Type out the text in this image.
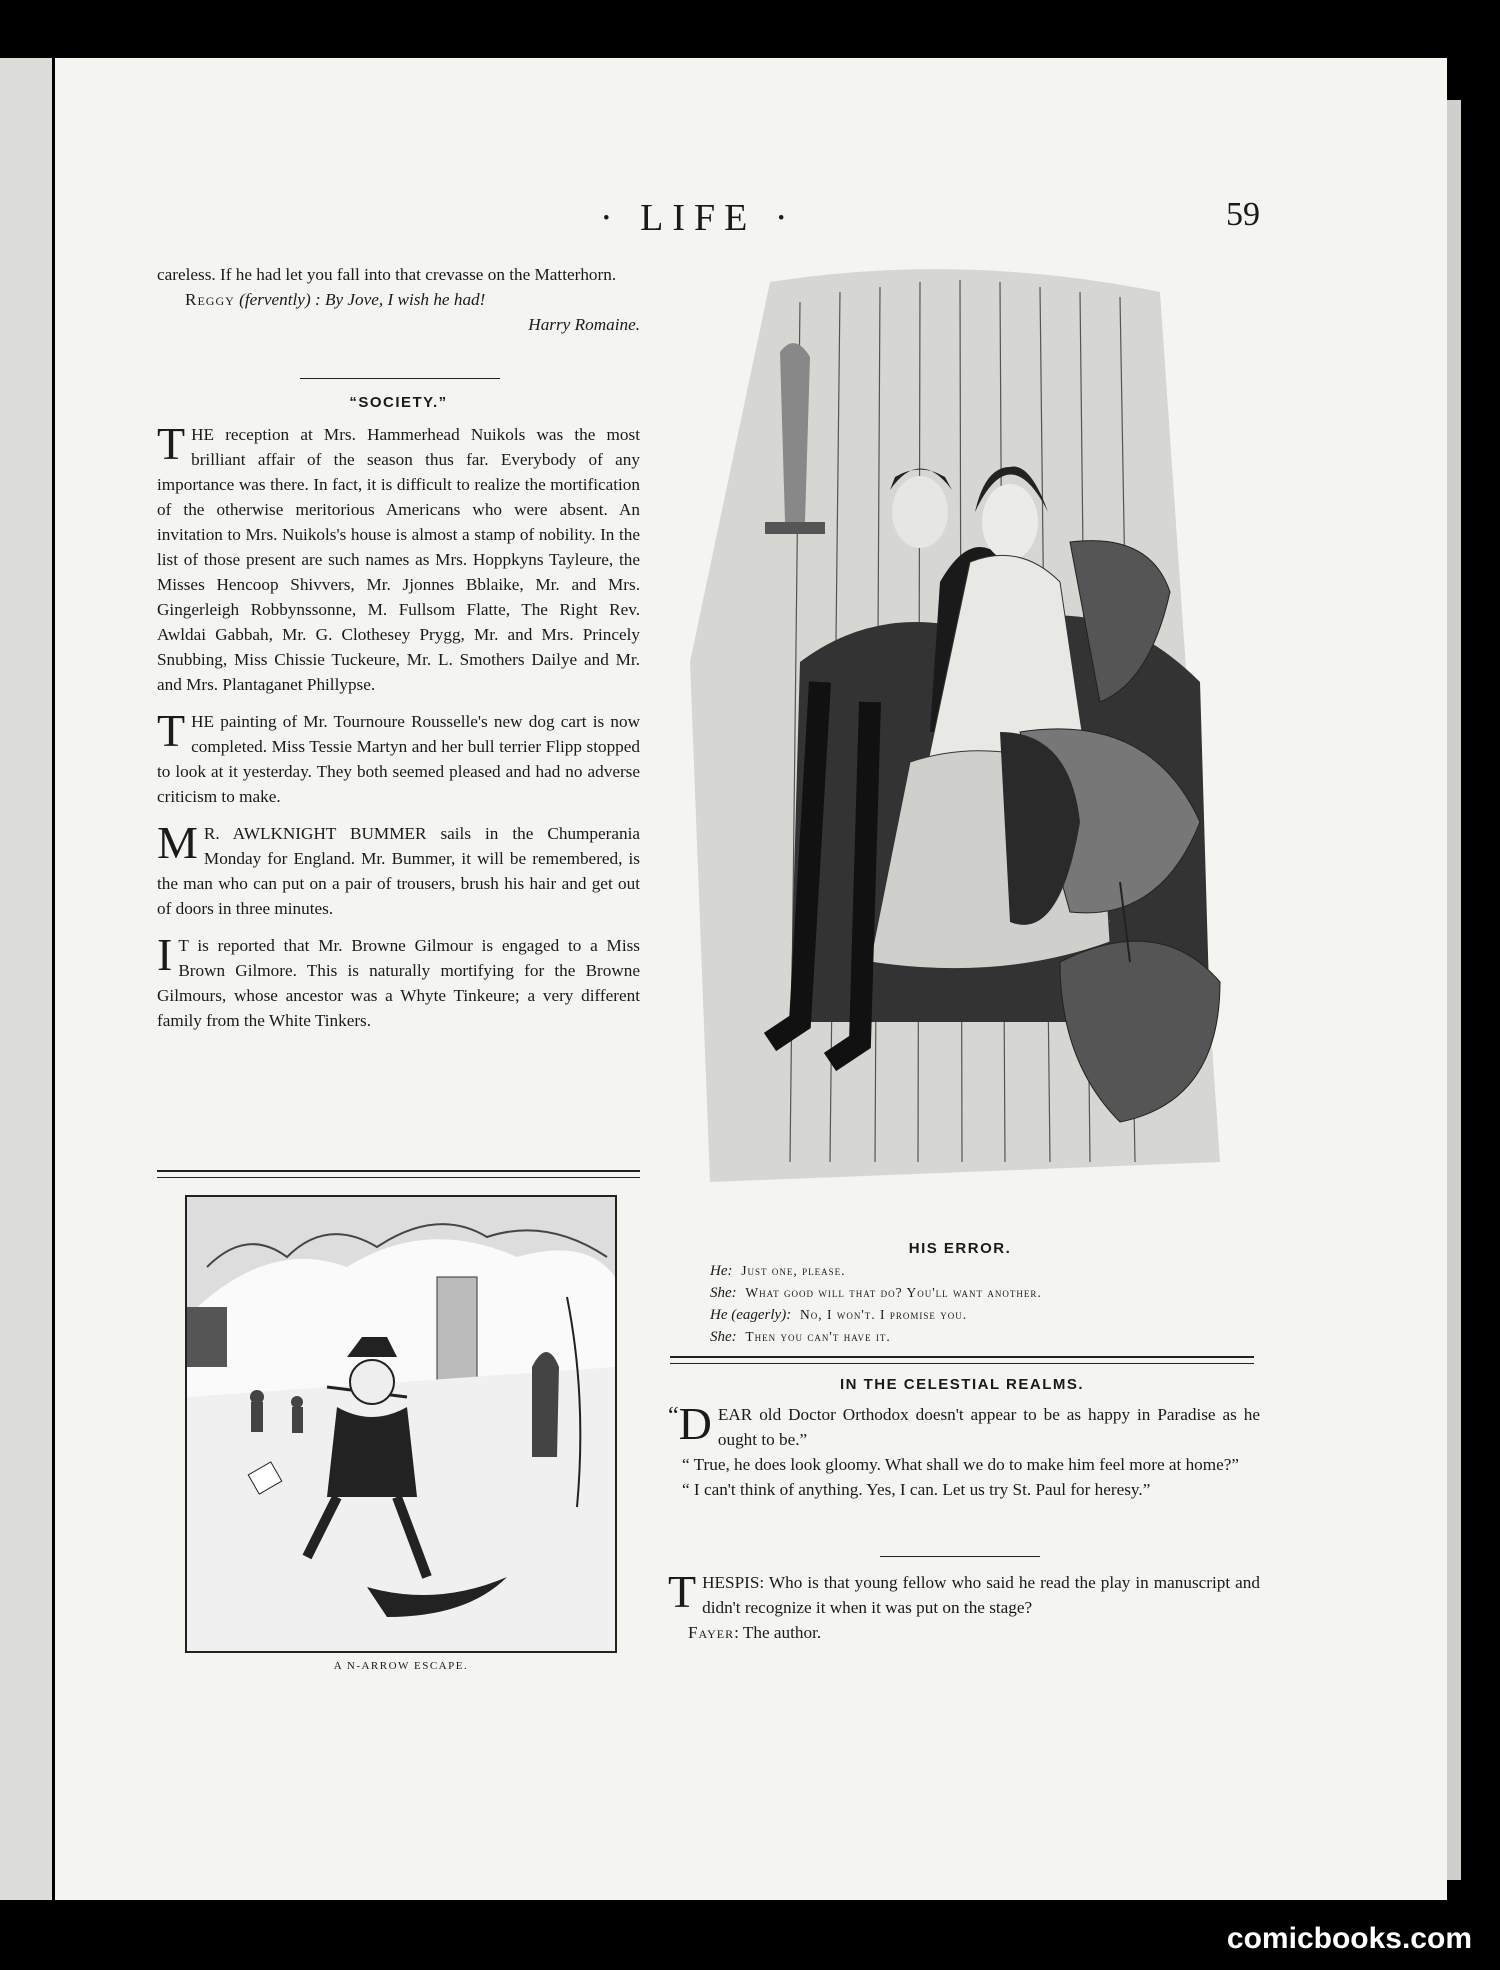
· LIFE ·	59

careless. If he had let you fall into that crevasse on the Matterhorn.

Reggy (fervently) : By Jove, I wish he had!

Harry Romaine.

“SOCIETY.”

THE reception at Mrs. Hammerhead Nuikols was the most brilliant affair of the season thus far. Everybody of any importance was there. In fact, it is difficult to realize the mortification of the otherwise meritorious Americans who were absent. An invitation to Mrs. Nuikols's house is almost a stamp of nobility. In the list of those present are such names as Mrs. Hoppkyns Tayleure, the Misses Hencoop Shivvers, Mr. Jjonnes Bblaike, Mr. and Mrs. Gingerleigh Robbynssonne, M. Fullsom Flatte, The Right Rev. Awldai Gabbah, Mr. G. Clothesey Prygg, Mr. and Mrs. Princely Snubbing, Miss Chissie Tuckeure, Mr. L. Smothers Dailye and Mr. and Mrs. Plantaganet Phillypse.

THE painting of Mr. Tournoure Rousselle's new dog cart is now completed. Miss Tessie Martyn and her bull terrier Flipp stopped to look at it yesterday. They both seemed pleased and had no adverse criticism to make.

M R. AWLKNIGHT BUMMER sails in the Chumperania Monday for England. Mr. Bummer, it will be remembered, is the man who can put on a pair of trousers, brush his hair and get out of doors in three minutes.

I T is reported that Mr. Browne Gilmour is engaged to a Miss Brown Gilmore. This is naturally mortifying for the Browne Gilmours, whose ancestor was a Whyte Tinkeure; a very different family from the White Tinkers.

A N-ARROW ESCAPE.
HIS ERROR.
He: Just one, please.
She: What good will that do? You'll want another.
He (eagerly): No, I won't. I promise you.
She: Then you can't have it.
IN THE CELESTIAL REALMS.

“ D EAR old Doctor Orthodox doesn't appear to be as happy in Paradise as he ought to be.”

“ True, he does look gloomy. What shall we do to make him feel more at home?”

“ I can't think of anything. Yes, I can. Let us try St. Paul for heresy.”

THESPIS: Who is that young fellow who said he read the play in manuscript and didn't recognize it when it was put on the stage?

Fayer: The author.

comicbooks.com
